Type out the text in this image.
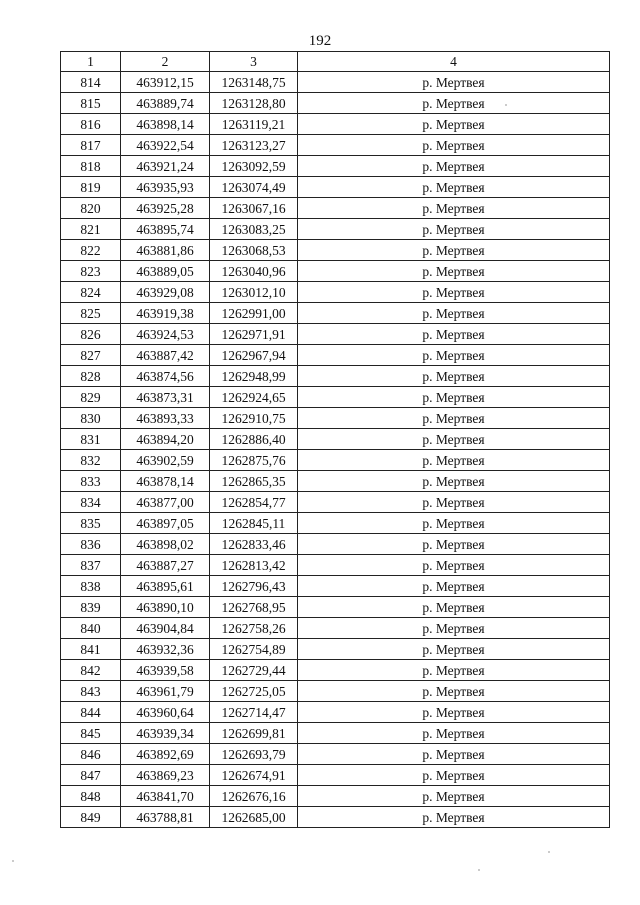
192
1	2	3	4
814	463912,15	1263148,75	р. Мертвея
815	463889,74	1263128,80	р. Мертвея
816	463898,14	1263119,21	р. Мертвея
817	463922,54	1263123,27	р. Мертвея
818	463921,24	1263092,59	р. Мертвея
819	463935,93	1263074,49	р. Мертвея
820	463925,28	1263067,16	р. Мертвея
821	463895,74	1263083,25	р. Мертвея
822	463881,86	1263068,53	р. Мертвея
823	463889,05	1263040,96	р. Мертвея
824	463929,08	1263012,10	р. Мертвея
825	463919,38	1262991,00	р. Мертвея
826	463924,53	1262971,91	р. Мертвея
827	463887,42	1262967,94	р. Мертвея
828	463874,56	1262948,99	р. Мертвея
829	463873,31	1262924,65	р. Мертвея
830	463893,33	1262910,75	р. Мертвея
831	463894,20	1262886,40	р. Мертвея
832	463902,59	1262875,76	р. Мертвея
833	463878,14	1262865,35	р. Мертвея
834	463877,00	1262854,77	р. Мертвея
835	463897,05	1262845,11	р. Мертвея
836	463898,02	1262833,46	р. Мертвея
837	463887,27	1262813,42	р. Мертвея
838	463895,61	1262796,43	р. Мертвея
839	463890,10	1262768,95	р. Мертвея
840	463904,84	1262758,26	р. Мертвея
841	463932,36	1262754,89	р. Мертвея
842	463939,58	1262729,44	р. Мертвея
843	463961,79	1262725,05	р. Мертвея
844	463960,64	1262714,47	р. Мертвея
845	463939,34	1262699,81	р. Мертвея
846	463892,69	1262693,79	р. Мертвея
847	463869,23	1262674,91	р. Мертвея
848	463841,70	1262676,16	р. Мертвея
849	463788,81	1262685,00	р. Мертвея
